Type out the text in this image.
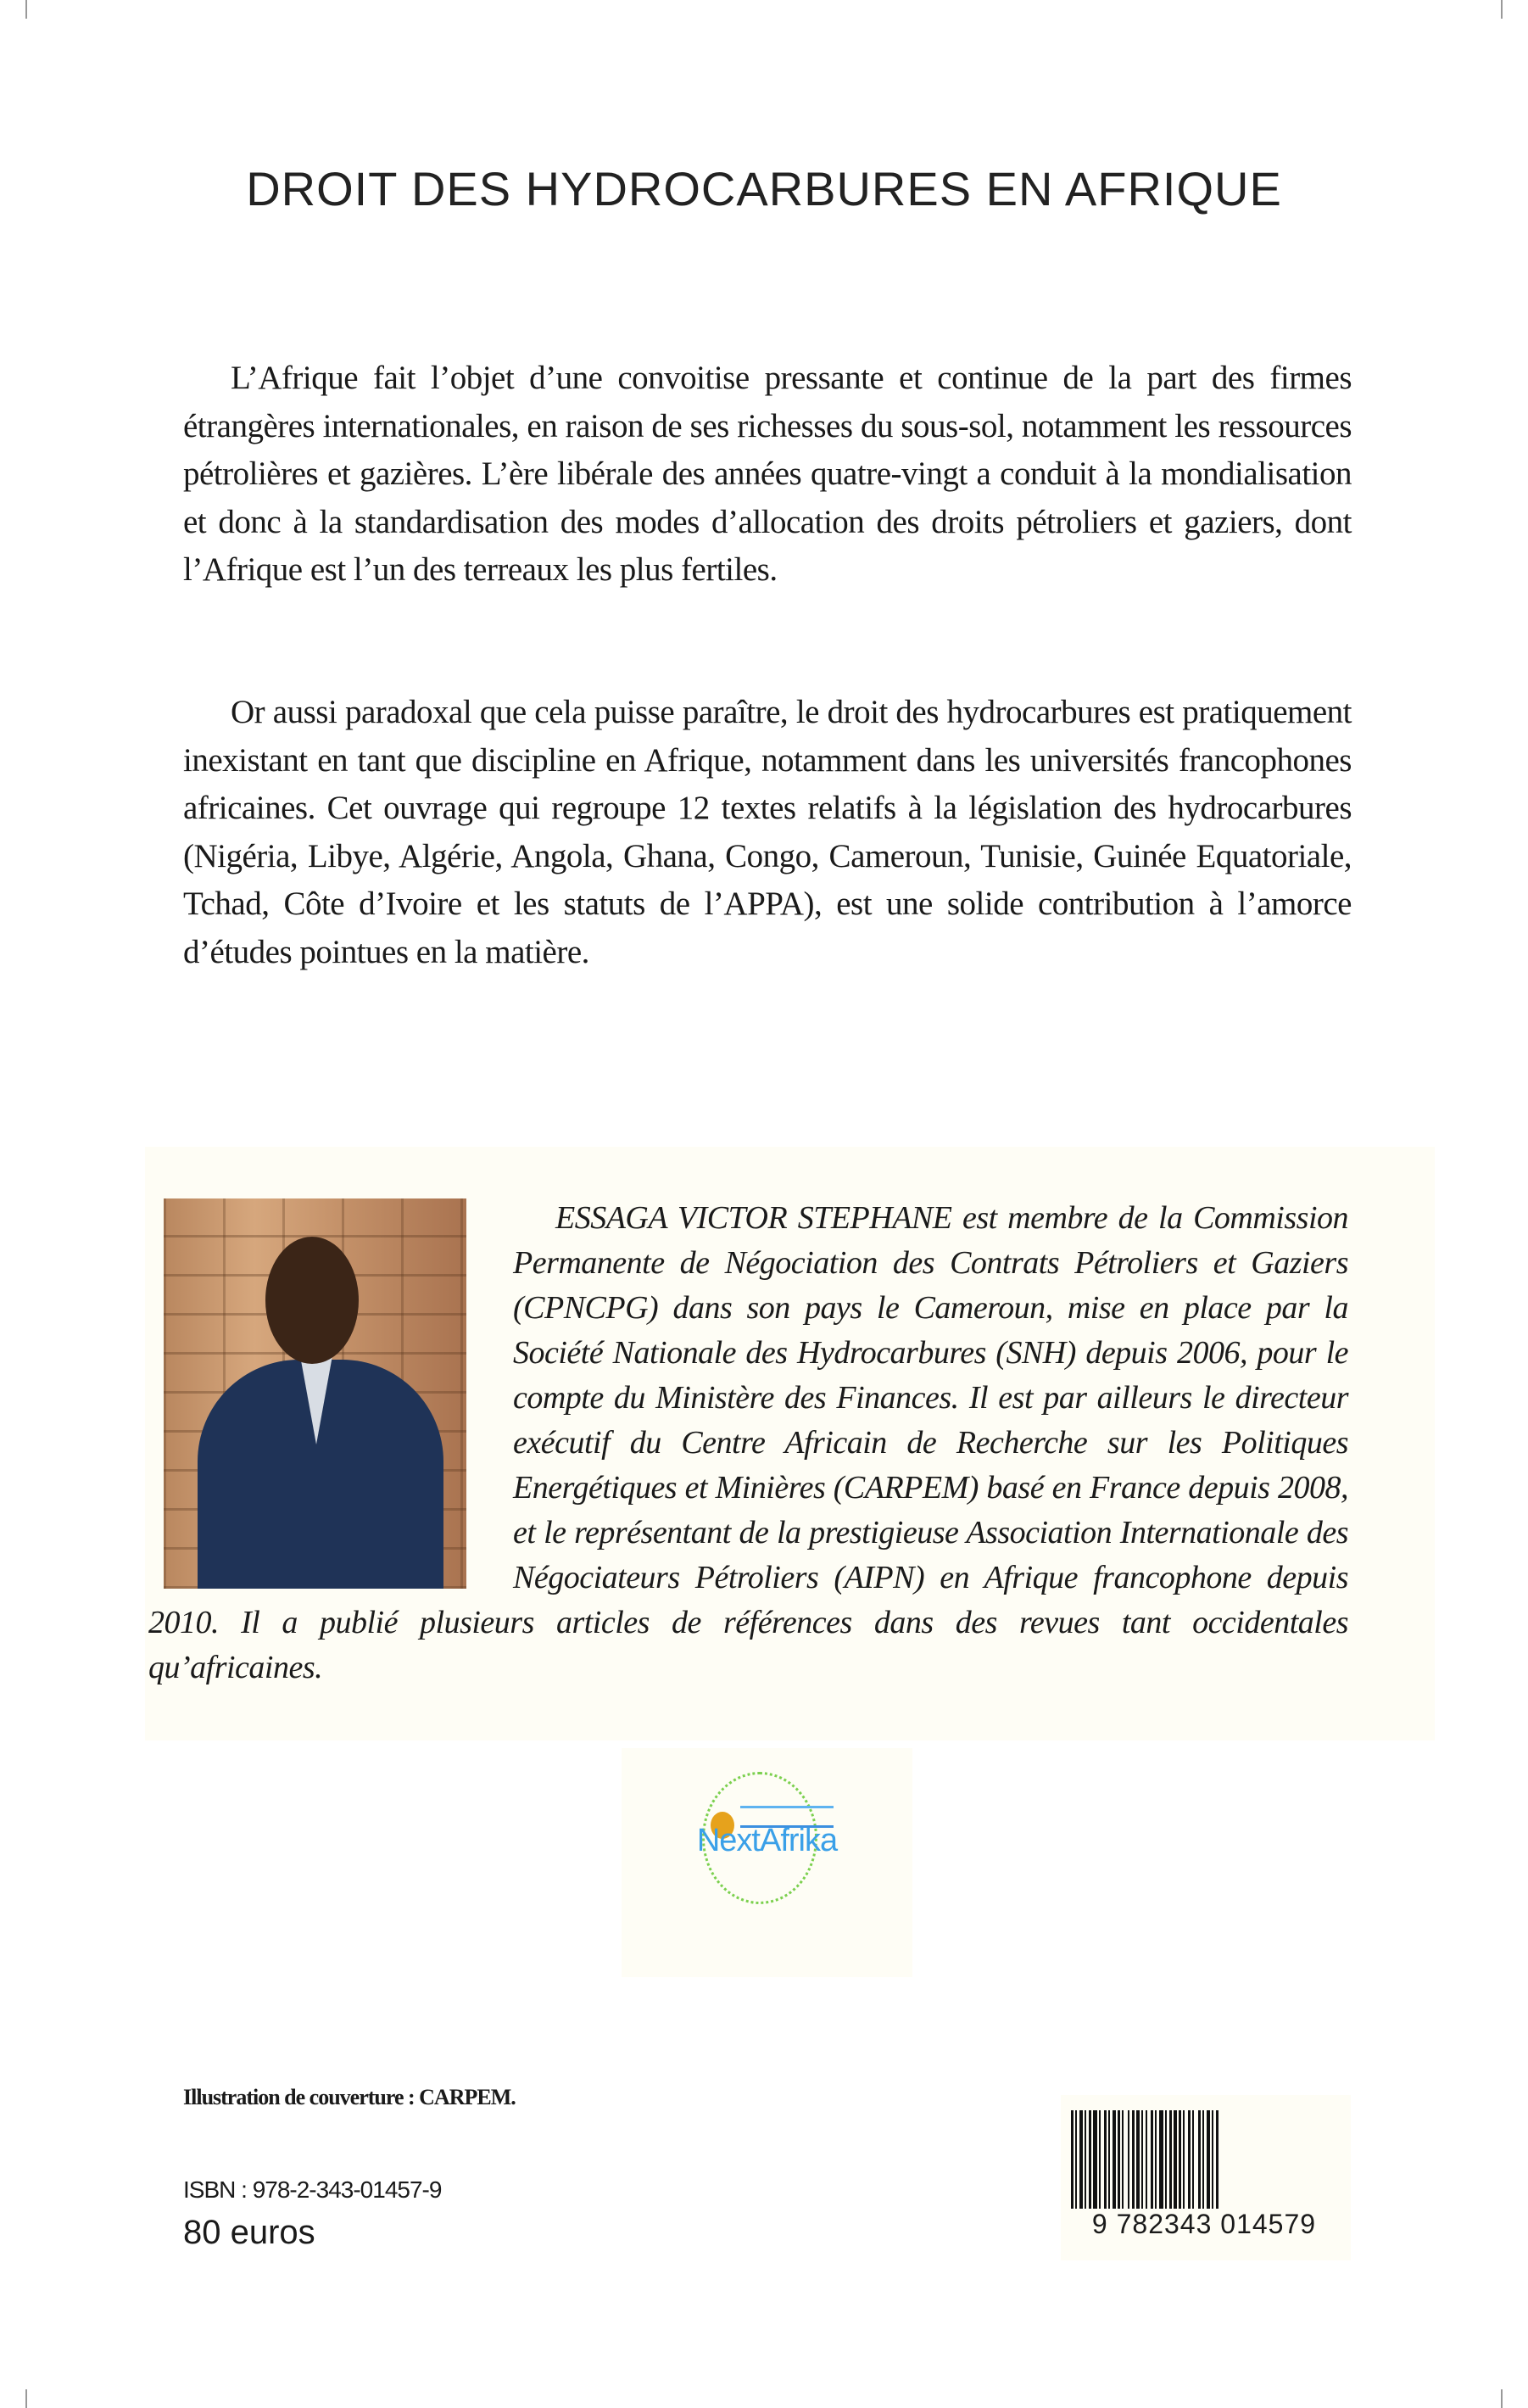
DROIT DES HYDROCARBURES EN AFRIQUE

L’Afrique fait l’objet d’une convoitise pressante et continue de la part des firmes étrangères internationales, en raison de ses richesses du sous-sol, notamment les ressources pétrolières et gazières. L’ère libérale des années quatre-vingt a conduit à la mondialisation et donc à la standardisation des modes d’allocation des droits pétroliers et gaziers, dont l’Afrique est l’un des terreaux les plus fertiles.

Or aussi paradoxal que cela puisse paraître, le droit des hydrocarbures est pratiquement inexistant en tant que discipline en Afrique, notamment dans les universités francophones africaines. Cet ouvrage qui regroupe 12 textes relatifs à la législation des hydrocarbures (Nigéria, Libye, Algérie, Angola, Ghana, Congo, Cameroun, Tunisie, Guinée Equatoriale, Tchad, Côte d’Ivoire et les statuts de l’APPA), est une solide contribution à l’amorce d’études pointues en la matière.

ESSAGA VICTOR STEPHANE est membre de la Commission Permanente de Négociation des Contrats Pétroliers et Gaziers (CPNCPG) dans son pays le Cameroun, mise en place par la Société Nationale des Hydrocarbures (SNH) depuis 2006, pour le compte du Ministère des Finances. Il est par ailleurs le directeur exécutif du Centre Africain de Recherche sur les Politiques Energétiques et Minières (CARPEM) basé en France depuis 2008, et le représentant de la prestigieuse Association Internationale des Négociateurs Pétroliers (AIPN) en Afrique francophone depuis 2010. Il a publié plusieurs articles de références dans des revues tant occidentales qu’africaines.
NextAfrika
Illustration de couverture : CARPEM.
ISBN : 978-2-343-01457-9
80 euros	9 782343 014579
